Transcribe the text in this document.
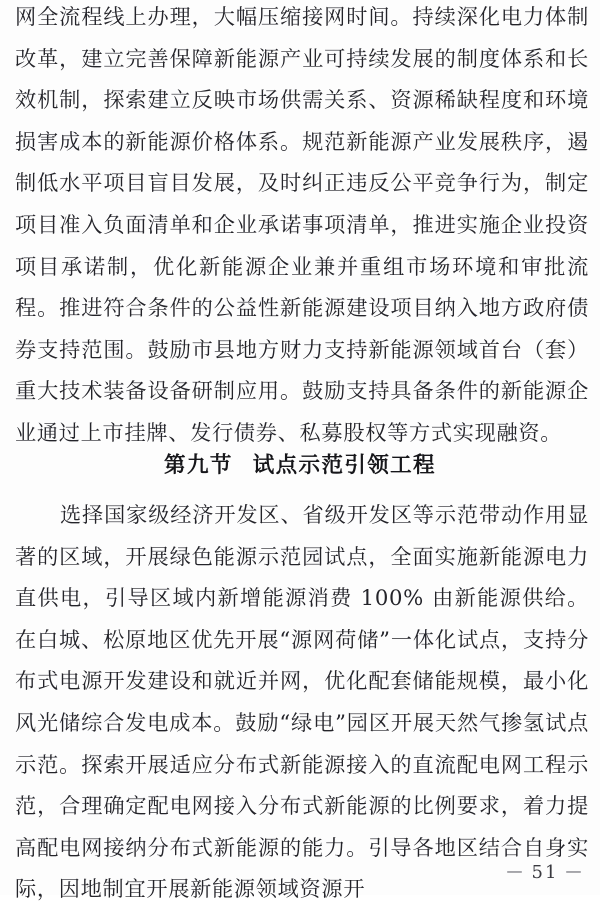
网全流程线上办理，大幅压缩接网时间。持续深化电力体制改革，建立完善保障新能源产业可持续发展的制度体系和长效机制，探索建立反映市场供需关系、资源稀缺程度和环境损害成本的新能源价格体系。规范新能源产业发展秩序，遏制低水平项目盲目发展，及时纠正违反公平竞争行为，制定项目准入负面清单和企业承诺事项清单，推进实施企业投资项目承诺制，优化新能源企业兼并重组市场环境和审批流程。推进符合条件的公益性新能源建设项目纳入地方政府债券支持范围。鼓励市县地方财力支持新能源领域首台（套）重大技术装备设备研制应用。鼓励支持具备条件的新能源企业通过上市挂牌、发行债券、私募股权等方式实现融资。

第九节 试点示范引领工程

选择国家级经济开发区、省级开发区等示范带动作用显著的区域，开展绿色能源示范园试点，全面实施新能源电力直供电，引导区域内新增能源消费 100% 由新能源供给。在白城、松原地区优先开展“源网荷储”一体化试点，支持分布式电源开发建设和就近并网，优化配套储能规模，最小化风光储综合发电成本。鼓励“绿电”园区开展天然气掺氢试点示范。探索开展适应分布式新能源接入的直流配电网工程示范，合理确定配电网接入分布式新能源的比例要求，着力提高配电网接纳分布式新能源的能力。引导各地区结合自身实际，因地制宜开展新能源领域资源开

— 51 —
